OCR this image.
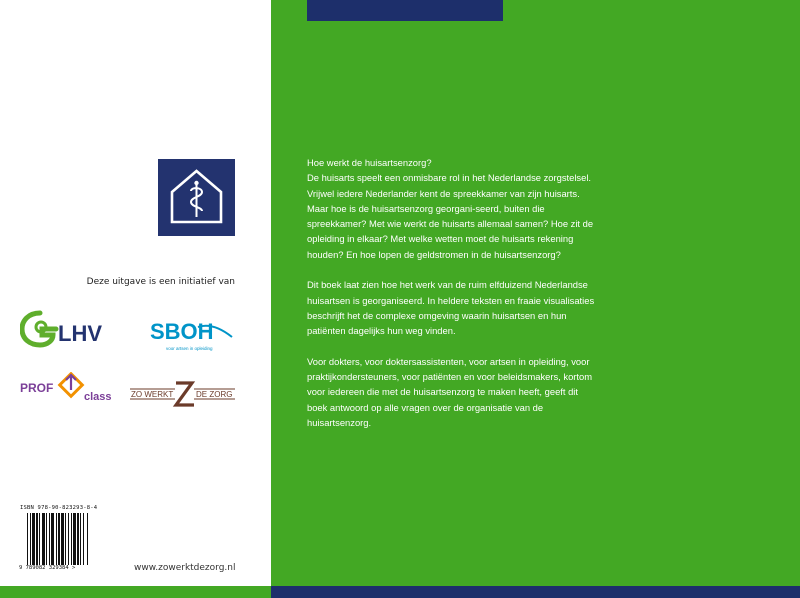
Deze uitgave is een initiatief van
LHV SBOH
voor artsen in opleiding
PROF
class ZO WERKT	DE ZORG
ISBN 978-90-823293-8-4
9 789082 329384 >	www.zowerktdezorg.nl

Hoe werkt de huisartsenzorg?
De huisarts speelt een onmisbare rol in het Nederlandse zorgstelsel. Vrijwel iedere Nederlander kent de spreekkamer van zijn huisarts. Maar hoe is de huisartsenzorg georgani-seerd, buiten die spreekkamer? Met wie werkt de huisarts allemaal samen? Hoe zit de opleiding in elkaar? Met welke wetten moet de huisarts rekening houden? En hoe lopen de geldstromen in de huisartsenzorg?

Dit boek laat zien hoe het werk van de ruim elfduizend Nederlandse huisartsen is georganiseerd. In heldere teksten en fraaie visualisaties beschrijft het de complexe omgeving waarin huisartsen en hun patiënten dagelijks hun weg vinden.

Voor dokters, voor doktersassistenten, voor artsen in opleiding, voor praktijkondersteuners, voor patiënten en voor beleidsmakers, kortom voor iedereen die met de huisartsenzorg te maken heeft, geeft dit boek antwoord op alle vragen over de organisatie van de huisartsenzorg.
